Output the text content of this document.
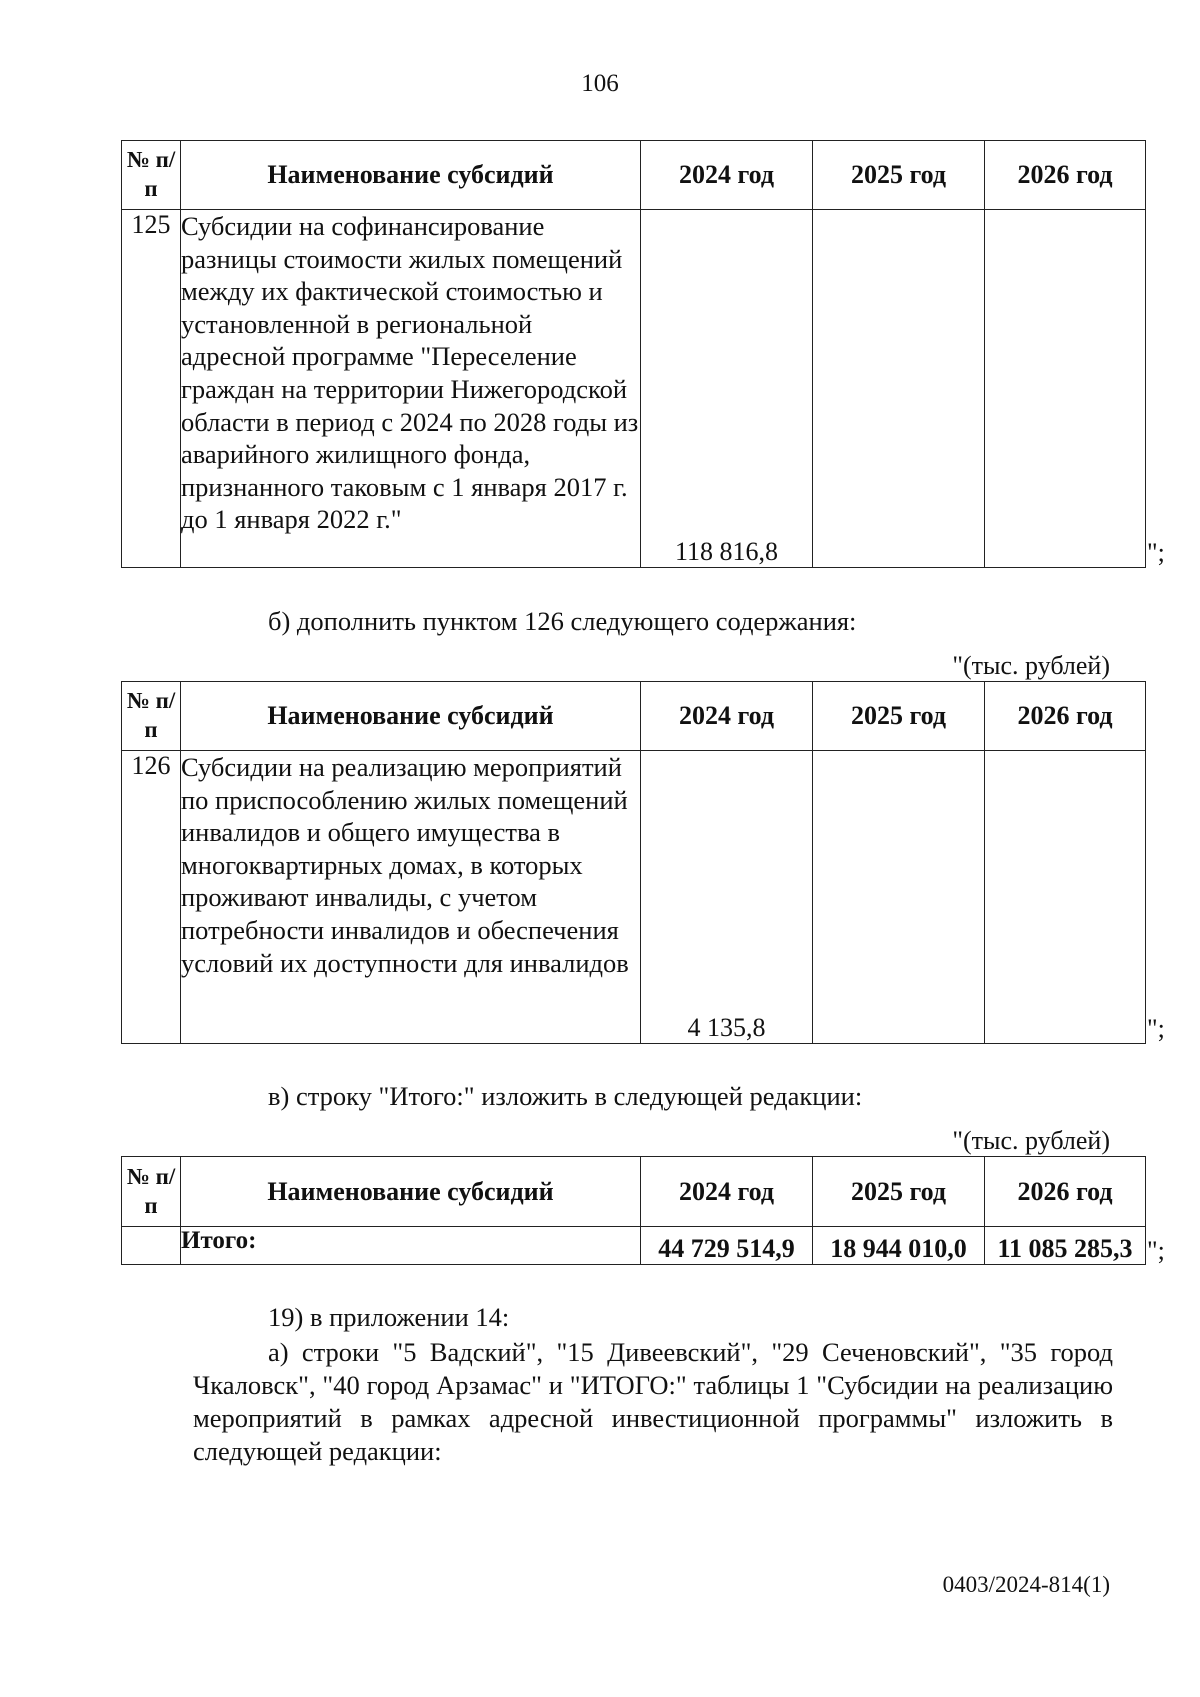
106
№ п/п	Наименование субсидий	2024 год	2025 год	2026 год
125	Субсидии на софинансирование разницы стоимости жилых помещений между их фактической стоимостью и установленной в региональной адресной программе "Переселение граждан на территории Нижегородской области в период с 2024 по 2028 годы из аварийного жилищного фонда, признанного таковым с 1 января 2017 г. до 1 января 2022 г."	118 816,8			";
б) дополнить пунктом 126 следующего содержания:
"(тыс. рублей)
№ п/п	Наименование субсидий	2024 год	2025 год	2026 год
126	Субсидии на реализацию мероприятий по приспособлению жилых помещений инвалидов и общего имущества в многоквартирных домах, в которых проживают инвалиды, с учетом потребности инвалидов и обеспечения условий их доступности для инвалидов	4 135,8			";
в) строку "Итого:" изложить в следующей редакции:
"(тыс. рублей)
№ п/п	Наименование субсидий	2024 год	2025 год	2026 год
	Итого:	44 729 514,9	18 944 010,0	11 085 285,3 ";
19) в приложении 14:
а) строки "5 Вадский", "15 Дивеевский", "29 Сеченовский", "35 город Чкаловск", "40 город Арзамас" и "ИТОГО:" таблицы 1 "Субсидии на реализацию мероприятий в рамках адресной инвестиционной программы" изложить в следующей редакции:
0403/2024-814(1)
